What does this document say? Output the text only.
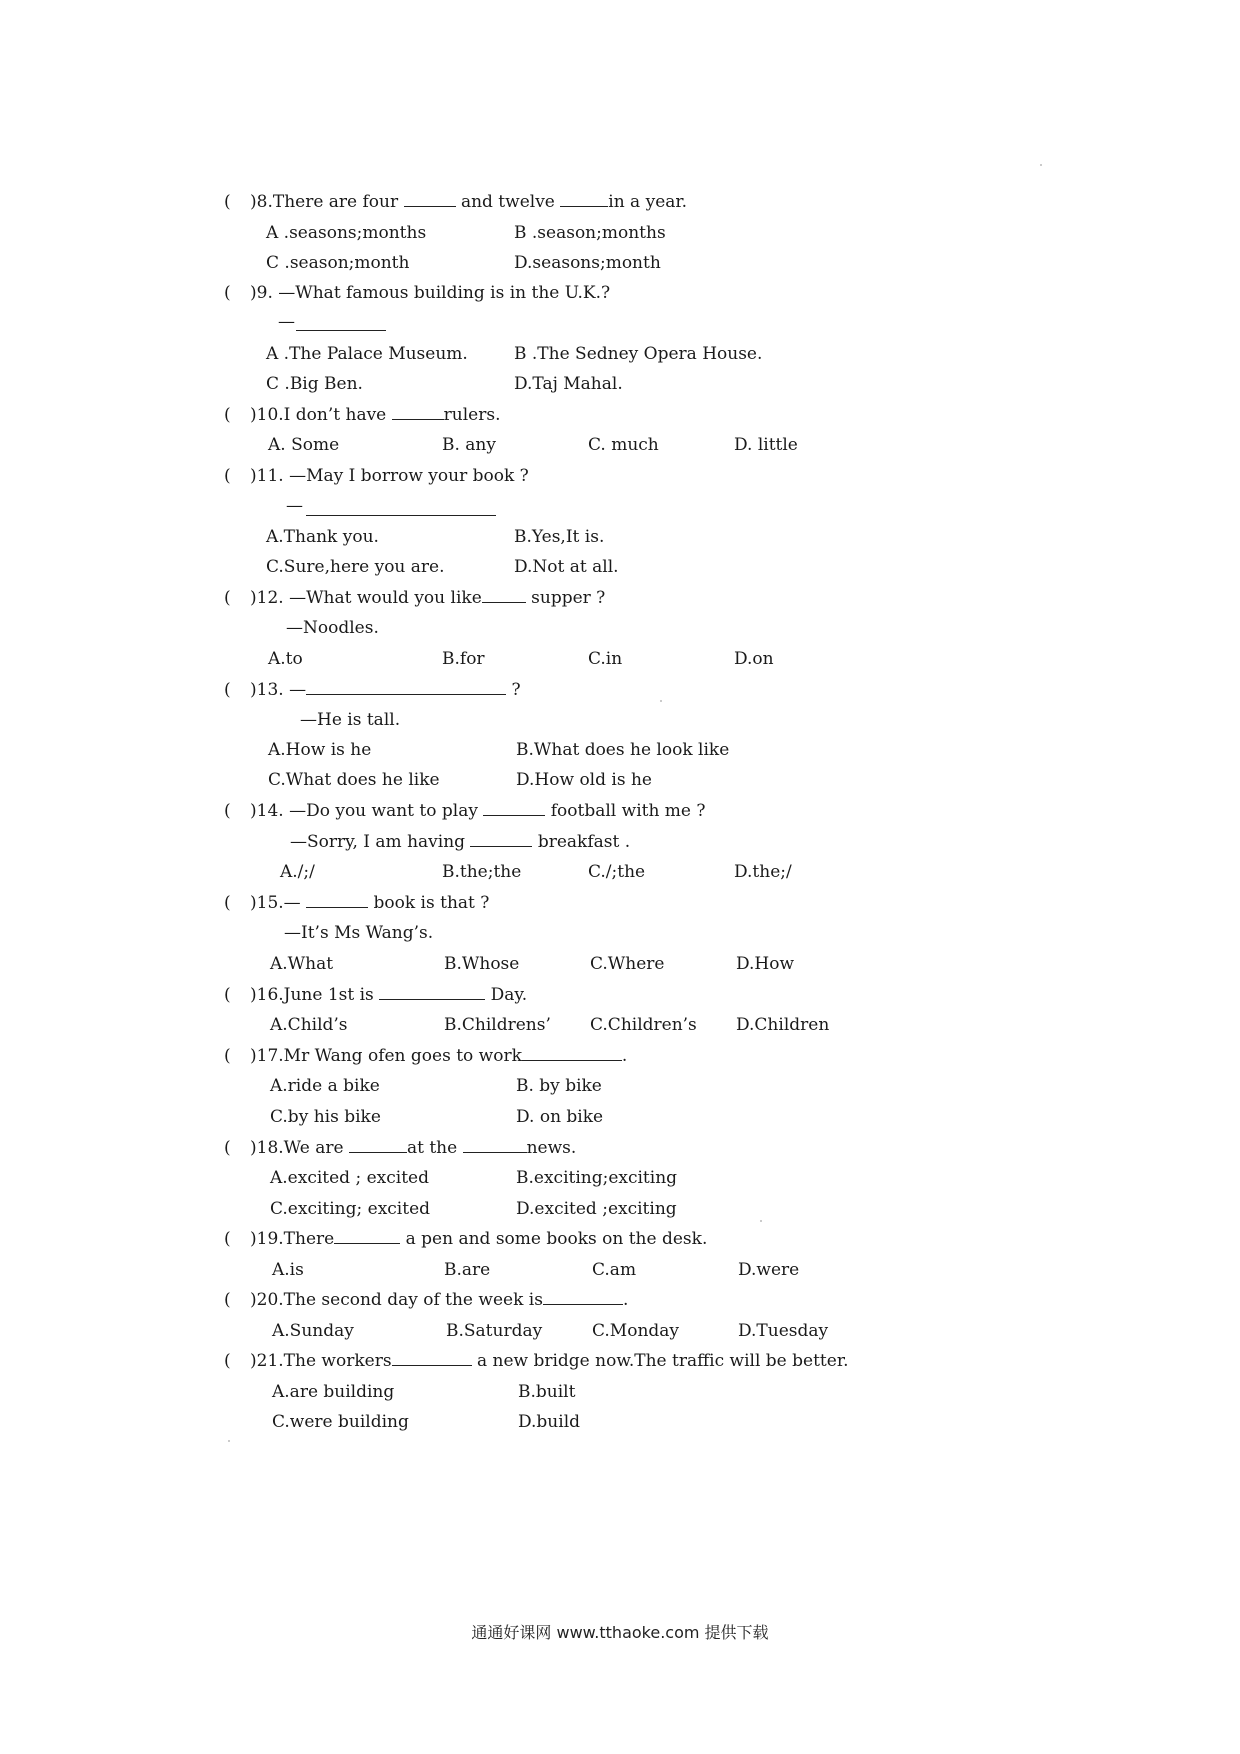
( )8.There are four	and twelve	in a year.
A .seasons;months	B .season;months
C .season;month	D.seasons;month
( )9. —What famous building is in the U.K.?
—
A .The Palace Museum.	B .The Sedney Opera House.
C .Big Ben.	D.Taj Mahal.
( )10.I don’t have	rulers.
A. Some	B. any	C. much	D. little
( )11. —May I borrow your book ?
—
A.Thank you.	B.Yes,It is.
C.Sure,here you are.	D.Not at all.
( )12. —What would you like	supper ?
—Noodles.
A.to	B.for	C.in	D.on
( )13. —	?
—He is tall.
A.How is he	B.What does he look like
C.What does he like	D.How old is he
( )14. —Do you want to play	football with me ?
—Sorry, I am having	breakfast .
A./;/	B.the;the	C./;the	D.the;/
( )15.—	book is that ?
—It’s Ms Wang’s.
A.What	B.Whose	C.Where	D.How
( )16.June 1st is	Day.
A.Child’s	B.Childrens’ C.Children’s D.Children
( )17.Mr Wang ofen goes to work	.
A.ride a bike	B. by bike
C.by his bike	D. on bike
( )18.We are	at the	news.
A.excited ; excited	B.exciting;exciting
C.exciting; excited	D.excited ;exciting
( )19.There	a pen and some books on the desk.
A.is	B.are	C.am	D.were
( )20.The second day of the week is	.
A.Sunday	B.Saturday	C.Monday	D.Tuesday
( )21.The workers	a new bridge now.The traffic will be better.
A.are building	B.built
C.were building	D.build
通通好课网 www.tthaoke.com 提供下载
